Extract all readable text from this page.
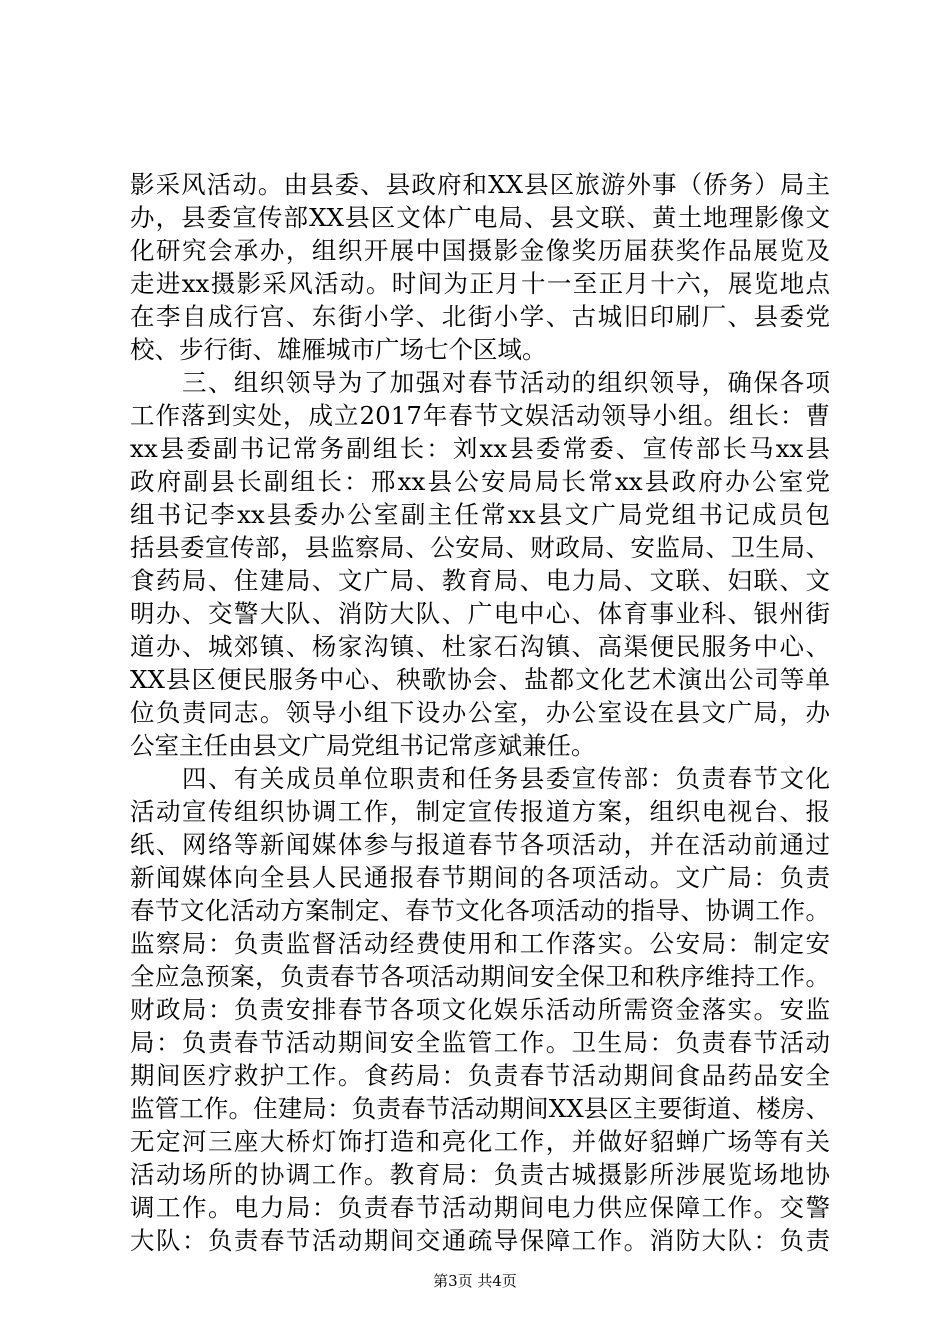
影采风活动。由县委、县政府和XX县区旅游外事（侨务）局主
办，县委宣传部XX县区文体广电局、县文联、黄土地理影像文
化研究会承办，组织开展中国摄影金像奖历届获奖作品展览及
走进xx摄影采风活动。时间为正月十一至正月十六，展览地点
在李自成行宫、东街小学、北街小学、古城旧印刷厂、县委党
校、步行街、雄雁城市广场七个区域。
　　三、组织领导为了加强对春节活动的组织领导，确保各项
工作落到实处，成立2017年春节文娱活动领导小组。组长：曹
xx县委副书记常务副组长：刘xx县委常委、宣传部长马xx县
政府副县长副组长：邢xx县公安局局长常xx县政府办公室党
组书记李xx县委办公室副主任常xx县文广局党组书记成员包
括县委宣传部，县监察局、公安局、财政局、安监局、卫生局、
食药局、住建局、文广局、教育局、电力局、文联、妇联、文
明办、交警大队、消防大队、广电中心、体育事业科、银州街
道办、城郊镇、杨家沟镇、杜家石沟镇、高渠便民服务中心、
XX县区便民服务中心、秧歌协会、盐都文化艺术演出公司等单
位负责同志。领导小组下设办公室，办公室设在县文广局，办
公室主任由县文广局党组书记常彦斌兼任。
　　四、有关成员单位职责和任务县委宣传部：负责春节文化
活动宣传组织协调工作，制定宣传报道方案，组织电视台、报
纸、网络等新闻媒体参与报道春节各项活动，并在活动前通过
新闻媒体向全县人民通报春节期间的各项活动。文广局：负责
春节文化活动方案制定、春节文化各项活动的指导、协调工作。
监察局：负责监督活动经费使用和工作落实。公安局：制定安
全应急预案，负责春节各项活动期间安全保卫和秩序维持工作。
财政局：负责安排春节各项文化娱乐活动所需资金落实。安监
局：负责春节活动期间安全监管工作。卫生局：负责春节活动
期间医疗救护工作。食药局：负责春节活动期间食品药品安全
监管工作。住建局：负责春节活动期间XX县区主要街道、楼房、
无定河三座大桥灯饰打造和亮化工作，并做好貂蝉广场等有关
活动场所的协调工作。教育局：负责古城摄影所涉展览场地协
调工作。电力局：负责春节活动期间电力供应保障工作。交警
大队：负责春节活动期间交通疏导保障工作。消防大队：负责
第3页 共4页
